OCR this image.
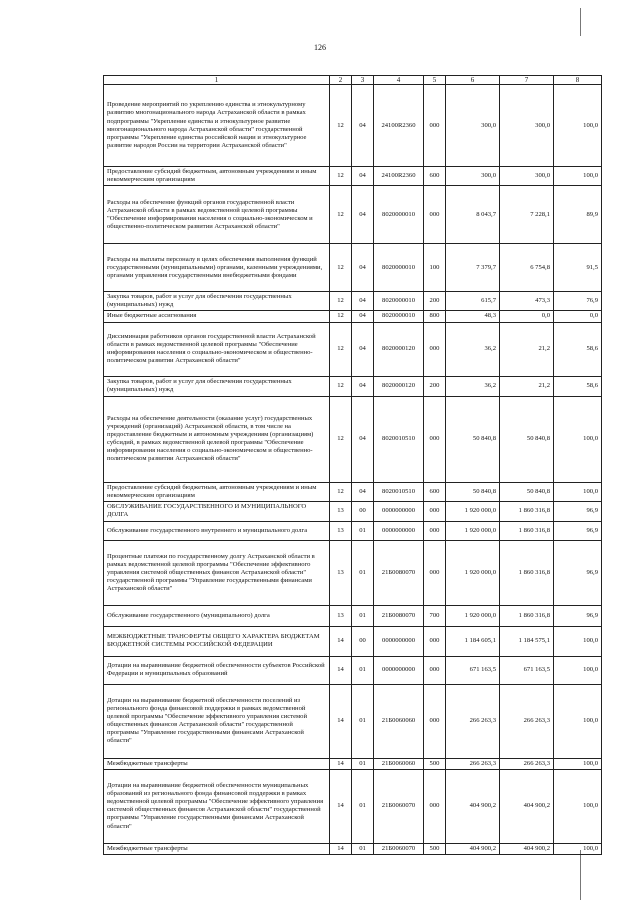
126
1	2	3	4	5	6	7	8
Проведение мероприятий по укреплению единства и этнокультурному развитию многонационального народа Астраханской области в рамках подпрограммы "Укрепление единства и этнокультурное развитие многонационального народа Астраханской области" государственной программы "Укрепление единства российской нации и этнокультурное развитие народов России на территории Астраханской области"	12	04	24100R2360	000	300,0	300,0	100,0
Предоставление субсидий бюджетным, автономным учреждениям и иным некоммерческим организациям	12	04	24100R2360	600	300,0	300,0	100,0
Расходы на обеспечение функций органов государственной власти Астраханской области в рамках ведомственной целевой программы "Обеспечение информирования населения о социально-экономическом и общественно-политическом развитии Астраханской области"	12	04	8020000010	000	8 043,7	7 228,1	89,9
Расходы на выплаты персоналу в целях обеспечения выполнения функций государственными (муниципальными) органами, казенными учреждениями, органами управления государственными внебюджетными фондами	12	04	8020000010	100	7 379,7	6 754,8	91,5
Закупка товаров, работ и услуг для обеспечения государственных (муниципальных) нужд	12	04	8020000010	200	615,7	473,3	76,9
Иные бюджетные ассигнования	12	04	8020000010	800	48,3	0,0	0,0
Диссиминация работников органов государственной власти Астраханской области в рамках ведомственной целевой программы "Обеспечение информирования населения о социально-экономическом и общественно-политическом развитии Астраханской области"	12	04	8020000120	000	36,2	21,2	58,6
Закупка товаров, работ и услуг для обеспечения государственных (муниципальных) нужд	12	04	8020000120	200	36,2	21,2	58,6
Расходы на обеспечение деятельности (оказание услуг) государственных учреждений (организаций) Астраханской области, в том числе на предоставление бюджетным и автономным учреждениям (организациям) субсидий, в рамках ведомственной целевой программы "Обеспечение информирования населения о социально-экономическом и общественно-политическом развитии Астраханской области"	12	04	8020010510	000	50 840,8	50 840,8	100,0
Предоставление субсидий бюджетным, автономным учреждениям и иным некоммерческим организациям	12	04	8020010510	600	50 840,8	50 840,8	100,0
ОБСЛУЖИВАНИЕ ГОСУДАРСТВЕННОГО И МУНИЦИПАЛЬНОГО ДОЛГА	13	00	0000000000	000	1 920 000,0	1 860 316,8	96,9
Обслуживание государственного внутреннего и муниципального долга	13	01	0000000000	000	1 920 000,0	1 860 316,8	96,9
Процентные платежи по государственному долгу Астраханской области в рамках ведомственной целевой программы "Обеспечение эффективного управления системой общественных финансов Астраханской области" государственной программы "Управление государственными финансами Астраханской области"	13	01	21Б0080070	000	1 920 000,0	1 860 316,8	96,9
Обслуживание государственного (муниципального) долга	13	01	21Б0080070	700	1 920 000,0	1 860 316,8	96,9
МЕЖБЮДЖЕТНЫЕ ТРАНСФЕРТЫ ОБЩЕГО ХАРАКТЕРА БЮДЖЕТАМ БЮДЖЕТНОЙ СИСТЕМЫ РОССИЙСКОЙ ФЕДЕРАЦИИ	14	00	0000000000	000	1 184 605,1	1 184 575,1	100,0
Дотации на выравнивание бюджетной обеспеченности субъектов Российской Федерации и муниципальных образований	14	01	0000000000	000	671 163,5	671 163,5	100,0
Дотации на выравнивание бюджетной обеспеченности поселений из регионального фонда финансовой поддержки в рамках ведомственной целевой программы "Обеспечение эффективного управления системой общественных финансов Астраханской области" государственной программы "Управление государственными финансами Астраханской области"	14	01	21Б0060060	000	266 263,3	266 263,3	100,0
Межбюджетные трансферты	14	01	21Б0060060	500	266 263,3	266 263,3	100,0
Дотации на выравнивание бюджетной обеспеченности муниципальных образований из регионального фонда финансовой поддержки в рамках ведомственной целевой программы "Обеспечение эффективного управления системой общественных финансов Астраханской области" государственной программы "Управление государственными финансами Астраханской области"	14	01	21Б0060070	000	404 900,2	404 900,2	100,0
Межбюджетные трансферты	14	01	21Б0060070	500	404 900,2	404 900,2	100,0
